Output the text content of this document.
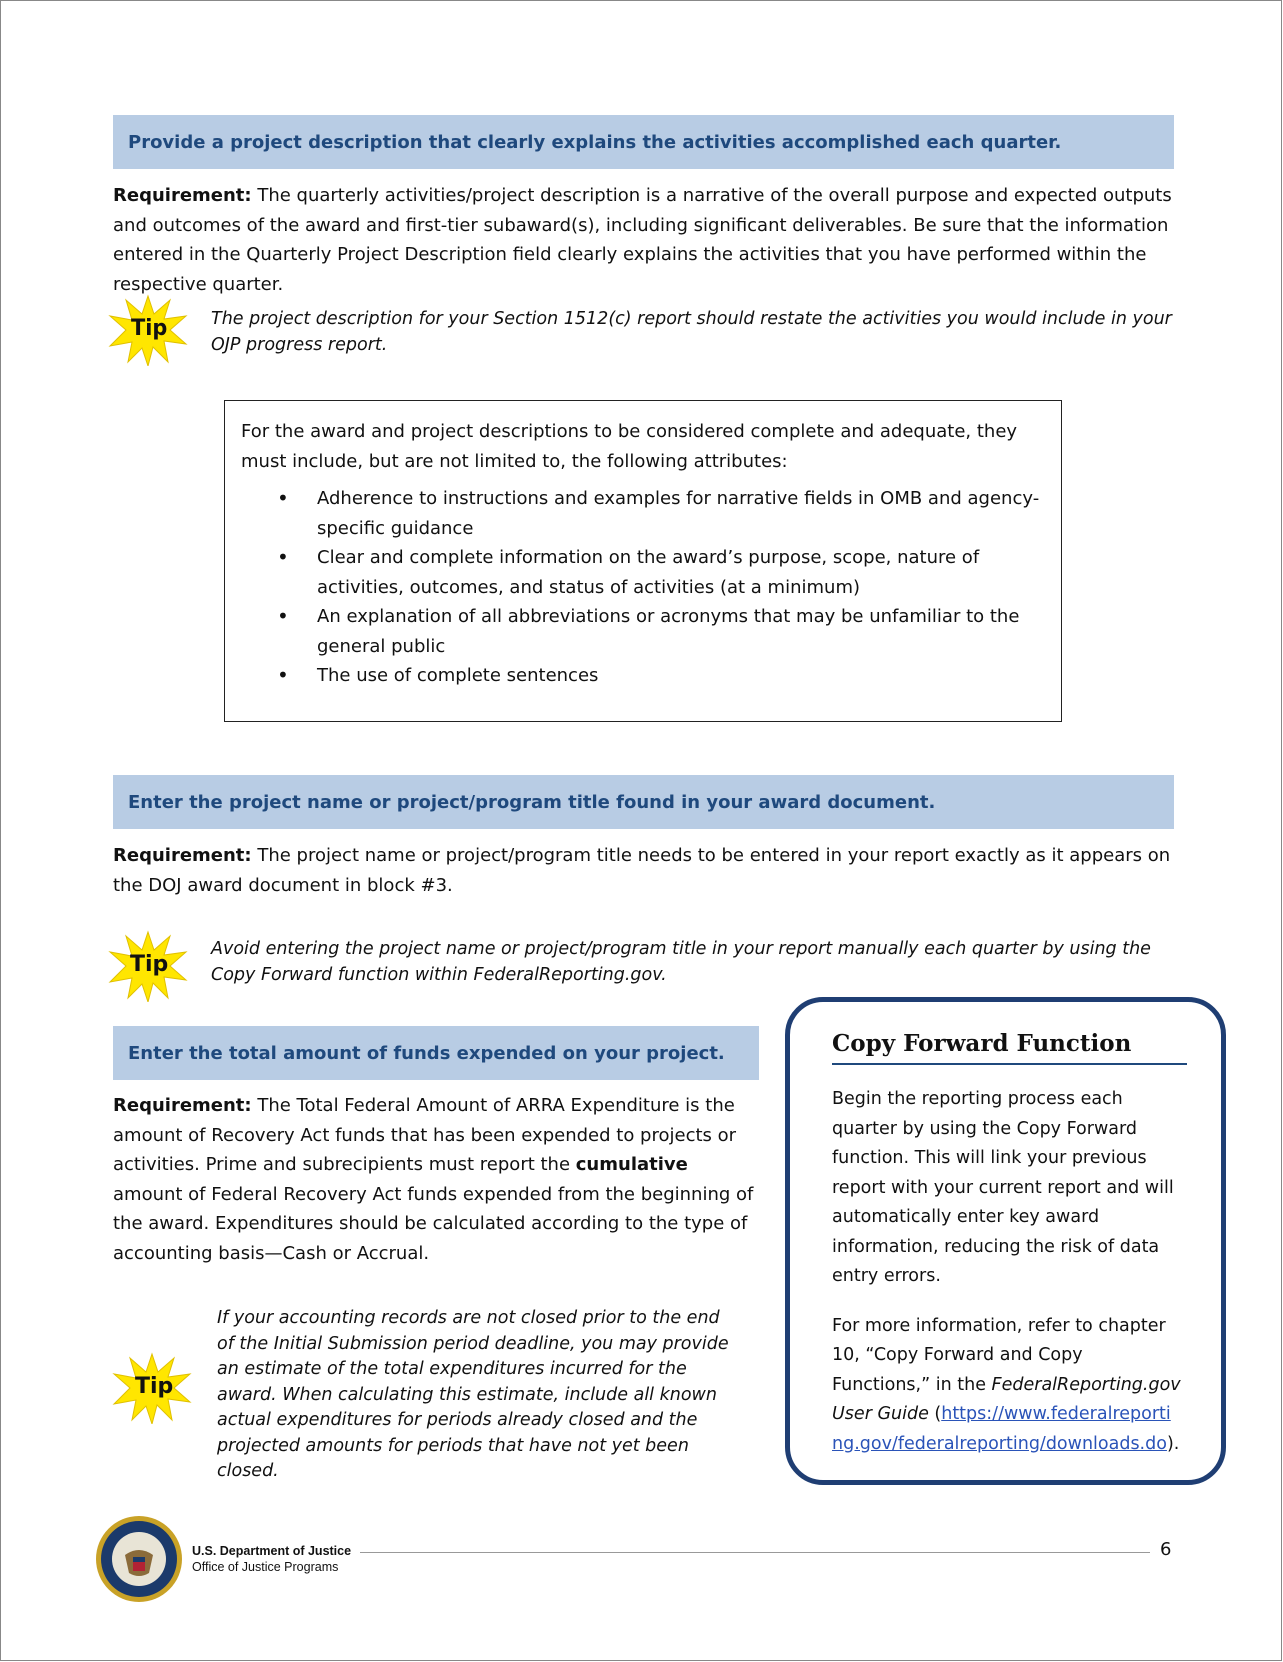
Provide a project description that clearly explains the activities accomplished each quarter.
Requirement: The quarterly activities/project description is a narrative of the overall purpose and expected outputs and outcomes of the award and first-tier subaward(s), including significant deliverables. Be sure that the information entered in the Quarterly Project Description field clearly explains the activities that you have performed within the respective quarter.
Tip The project description for your Section 1512(c) report should restate the activities you would include in your OJP progress report.
For the award and project descriptions to be considered complete and adequate, they must include, but are not limited to, the following attributes:
• Adherence to instructions and examples for narrative fields in OMB and agency-specific guidance
• Clear and complete information on the award’s purpose, scope, nature of activities, outcomes, and status of activities (at a minimum)
• An explanation of all abbreviations or acronyms that may be unfamiliar to the general public
• The use of complete sentences
Enter the project name or project/program title found in your award document.
Requirement: The project name or project/program title needs to be entered in your report exactly as it appears on the DOJ award document in block #3.
Tip
Avoid entering the project name or project/program title in your report manually each quarter by using the Copy Forward function within FederalReporting.gov.
Enter the total amount of funds expended on your project.
Requirement: The Total Federal Amount of ARRA Expenditure is the amount of Recovery Act funds that has been expended to projects or activities. Prime and subrecipients must report the cumulative amount of Federal Recovery Act funds expended from the beginning of the award. Expenditures should be calculated according to the type of accounting basis—Cash or Accrual.
Tip
If your accounting records are not closed prior to the end of the Initial Submission period deadline, you may provide an estimate of the total expenditures incurred for the award. When calculating this estimate, include all known actual expenditures for periods already closed and the projected amounts for periods that have not yet been closed.
Copy Forward Function

Begin the reporting process each quarter by using the Copy Forward function. This will link your previous report with your current report and will automatically enter key award information, reducing the risk of data entry errors.

For more information, refer to chapter 10, “Copy Forward and Copy Functions,” in the FederalReporting.gov User Guide (https://www.federalreporting.gov/federalreporting/downloads.do).

U.S. Department of Justice
Office of Justice Programs
6
